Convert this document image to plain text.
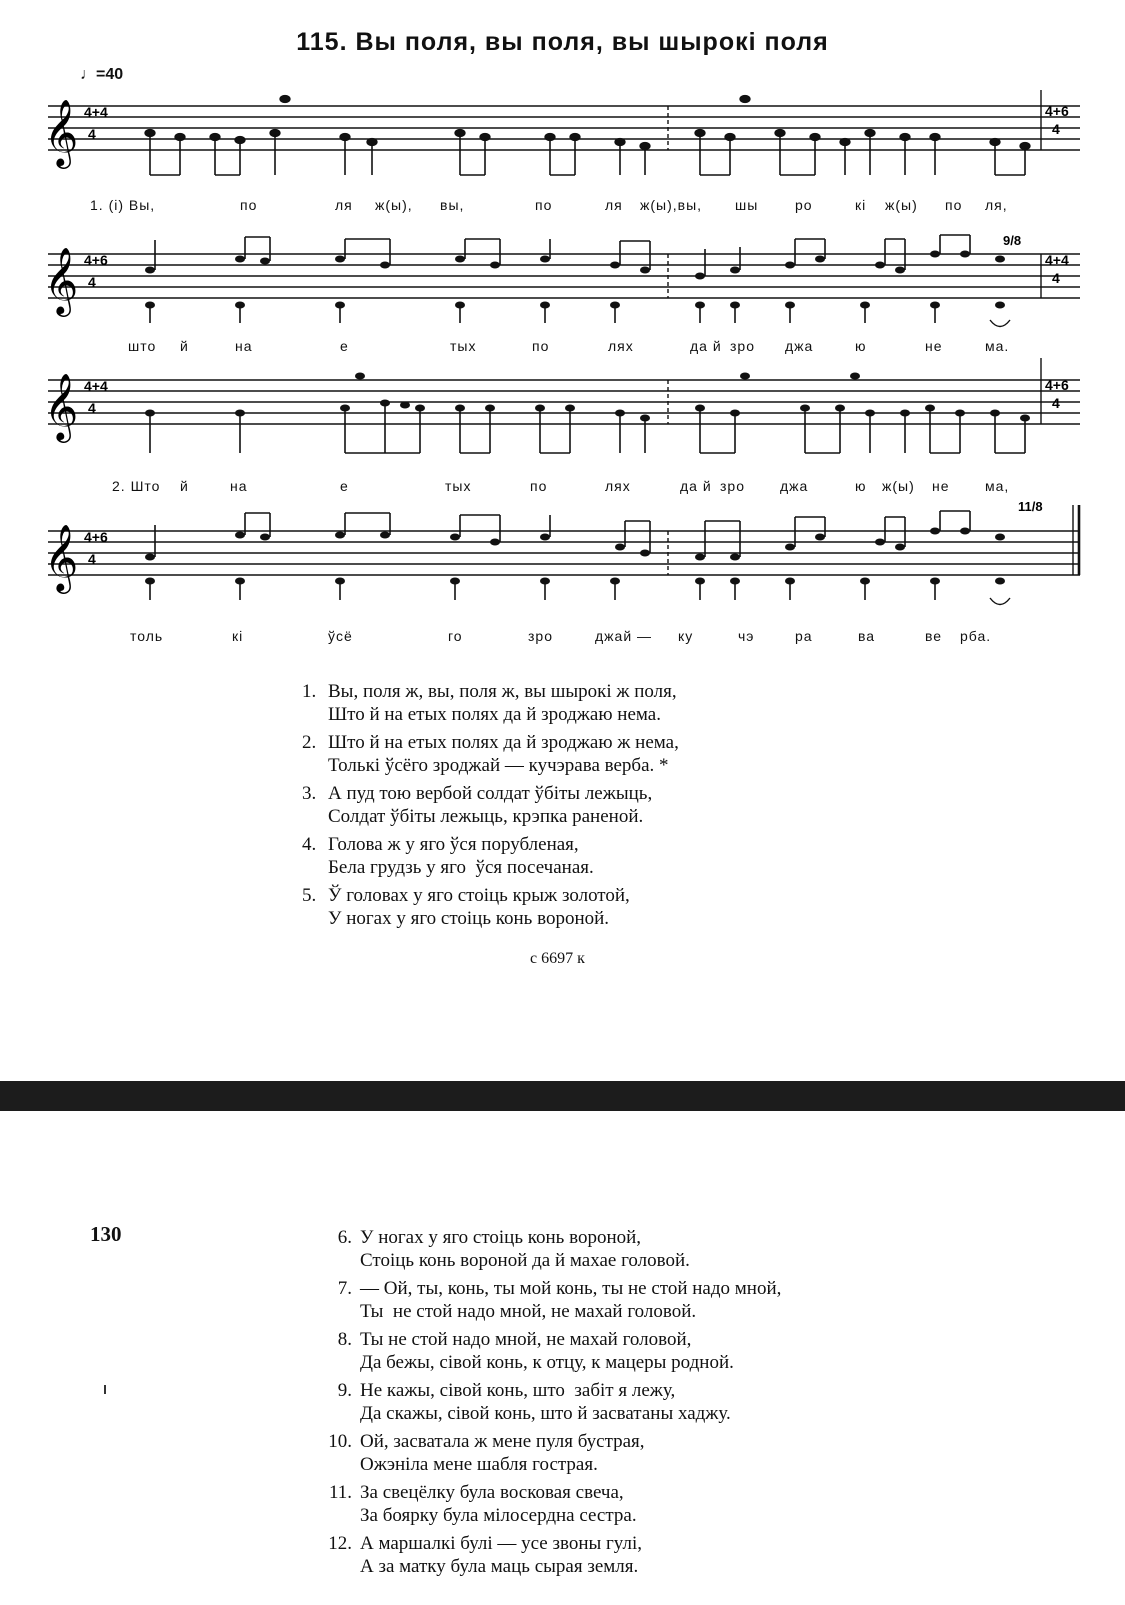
115. Вы поля, вы поля, вы шырокі поля
♩=40
𝄞 4+4
4
4+6
4
1. (і) Вы,	по	ля ж(ы), вы,	по	ля ж(ы),вы, шы	ро	кі ж(ы) по ля,
𝄞 4+6
4
9/8
4+4
4
што й	на	е	тых	по	лях	да й зро джа	ю	не	ма.
𝄞 4+4
4
4+6
4
2. Што й	на	е	тых	по	лях	да й зро	джа	ю ж(ы) не	ма,
𝄞 4+6
4
11/8
толь	кі	ўсё	го	зро	джай — ку	чэ	ра	ва	ве рба.
1. Вы, поля ж, вы, поля ж, вы шырокі ж поля,
Што й на етых полях да й зроджаю нема.
2. Што й на етых полях да й зроджаю ж нема,
Толькі ўсёго зроджай — кучэрава верба. *
3. А пуд тою вербой солдат ўбіты лежыць,
Солдат ўбіты лежыць, крэпка раненой.
4. Голова ж у яго ўся порубленая,
Бела грудзь у яго  ўся посечаная.
5. Ў головах у яго стоіць крыж золотой,
У ногах у яго стоіць конь вороной.
с 6697 к
130	6. У ногах у яго стоіць конь вороной,
Стоіць конь вороной да й махае головой.
7. — Ой, ты, конь, ты мой конь, ты не стой надо мной,
Ты  не стой надо мной, не махай головой.
8. Ты не стой надо мной, не махай головой,
Да бежы, сівой конь, к отцу, к мацеры родной.
9. Не кажы, сівой конь, што  забіт я лежу,
Да скажы, сівой конь, што й засватаны хаджу.
10. Ой, засватала ж мене пуля бустрая,
Ожэніла мене шабля гострая.
11. За свецёлку була восковая свеча,
За боярку була мілосердна сестра.
12. А маршалкі булі — усе звоны гулі,
А за матку була маць сырая земля.
